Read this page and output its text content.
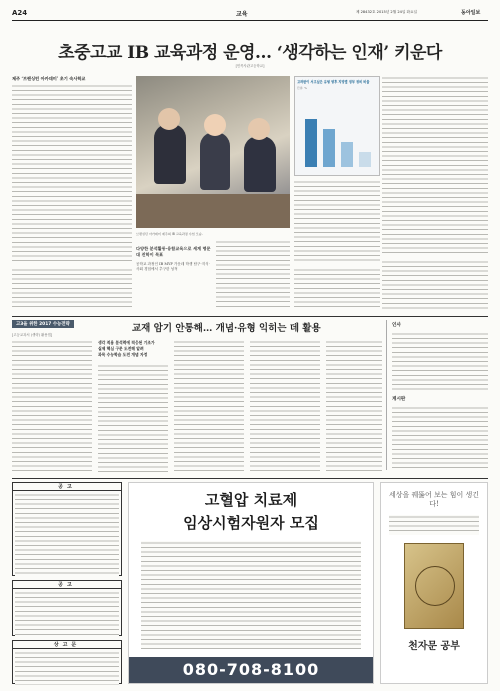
A24	교육	제 28432호 2015년 2월 24일 화요일	동아일보
초중고교 IB 교육과정 운영… ‘생각하는 인재’ 키운다
[민족사관고등학교]
제주 ‘브랜싱턴 아카데미’ 초기 숙사학교
브랜싱턴 아카데미 제주의 IB 교육과정 수업 모습.
고려한이 서고싶은 유형 향후 지망별 정부 정비 비율
단위: %
다양한 분석활동·융합교육으로 세계 명문대 진학이 목표
공학교 과정인 IB MYP 가운데 학생 탐구·지식·사회 경험에서 추구한 성적
고3을 위한 2017 수능전략	교재 암기 안통해… 개념·유형 익히는 데 활용
[고등교과서 (생략) 활용법]
생각 적용 분석력에 적응된 기조가
실제 핵심 구문 도전해 알려
과목 수능학습 도전 개념 자정
인사
게시판
공고
공고
상고문
고혈압 치료제
임상시험자원자 모집
080-708-8100
세상을 꿰뚫어 보는 힘이 생긴다!
천자문 공부
